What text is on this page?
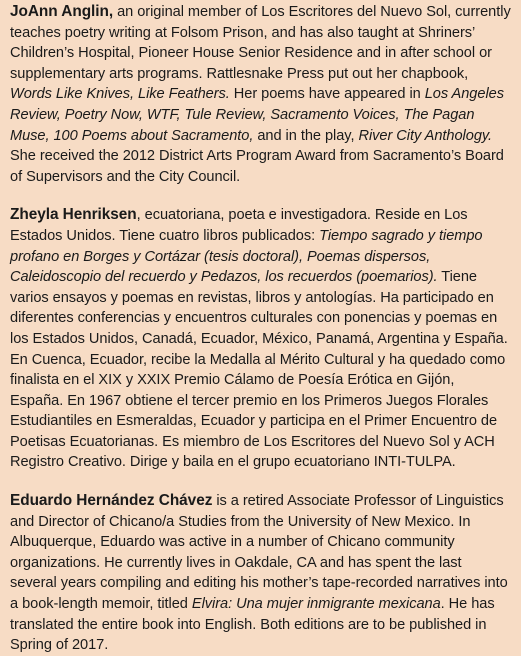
JoAnn Anglin, an original member of Los Escritores del Nuevo Sol, currently teaches poetry writing at Folsom Prison, and has also taught at Shriners’ Children’s Hospital, Pioneer House Senior Residence and in after school or supplementary arts programs. Rattlesnake Press put out her chapbook, Words Like Knives, Like Feathers. Her poems have appeared in Los Angeles Review, Poetry Now, WTF, Tule Review, Sacramento Voices, The Pagan Muse, 100 Poems about Sacramento, and in the play, River City Anthology. She received the 2012 District Arts Program Award from Sacramento’s Board of Supervisors and the City Council.

Zheyla Henriksen, ecuatoriana, poeta e investigadora. Reside en Los Estados Unidos. Tiene cuatro libros publicados: Tiempo sagrado y tiempo profano en Borges y Cortázar (tesis doctoral), Poemas dispersos, Caleidoscopio del recuerdo y Pedazos, los recuerdos (poemarios). Tiene varios ensayos y poemas en revistas, libros y antologías. Ha participado en diferentes conferencias y encuentros culturales con ponencias y poemas en los Estados Unidos, Canadá, Ecuador, México, Panamá, Argentina y España. En Cuenca, Ecuador, recibe la Medalla al Mérito Cultural y ha quedado como finalista en el XIX y XXIX Premio Cálamo de Poesía Erótica en Gijón, España. En 1967 obtiene el tercer premio en los Primeros Juegos Florales Estudiantiles en Esmeraldas, Ecuador y participa en el Primer Encuentro de Poetisas Ecuatorianas. Es miembro de Los Escritores del Nuevo Sol y ACH Registro Creativo. Dirige y baila en el grupo ecuatoriano INTI-TULPA.

Eduardo Hernández Chávez is a retired Associate Professor of Linguistics and Director of Chicano/a Studies from the University of New Mexico. In Albuquerque, Eduardo was active in a number of Chicano community organizations. He currently lives in Oakdale, CA and has spent the last several years compiling and editing his mother’s tape-recorded narratives into a book-length memoir, titled Elvira: Una mujer inmigrante mexicana. He has translated the entire book into English. Both editions are to be published in Spring of 2017.
